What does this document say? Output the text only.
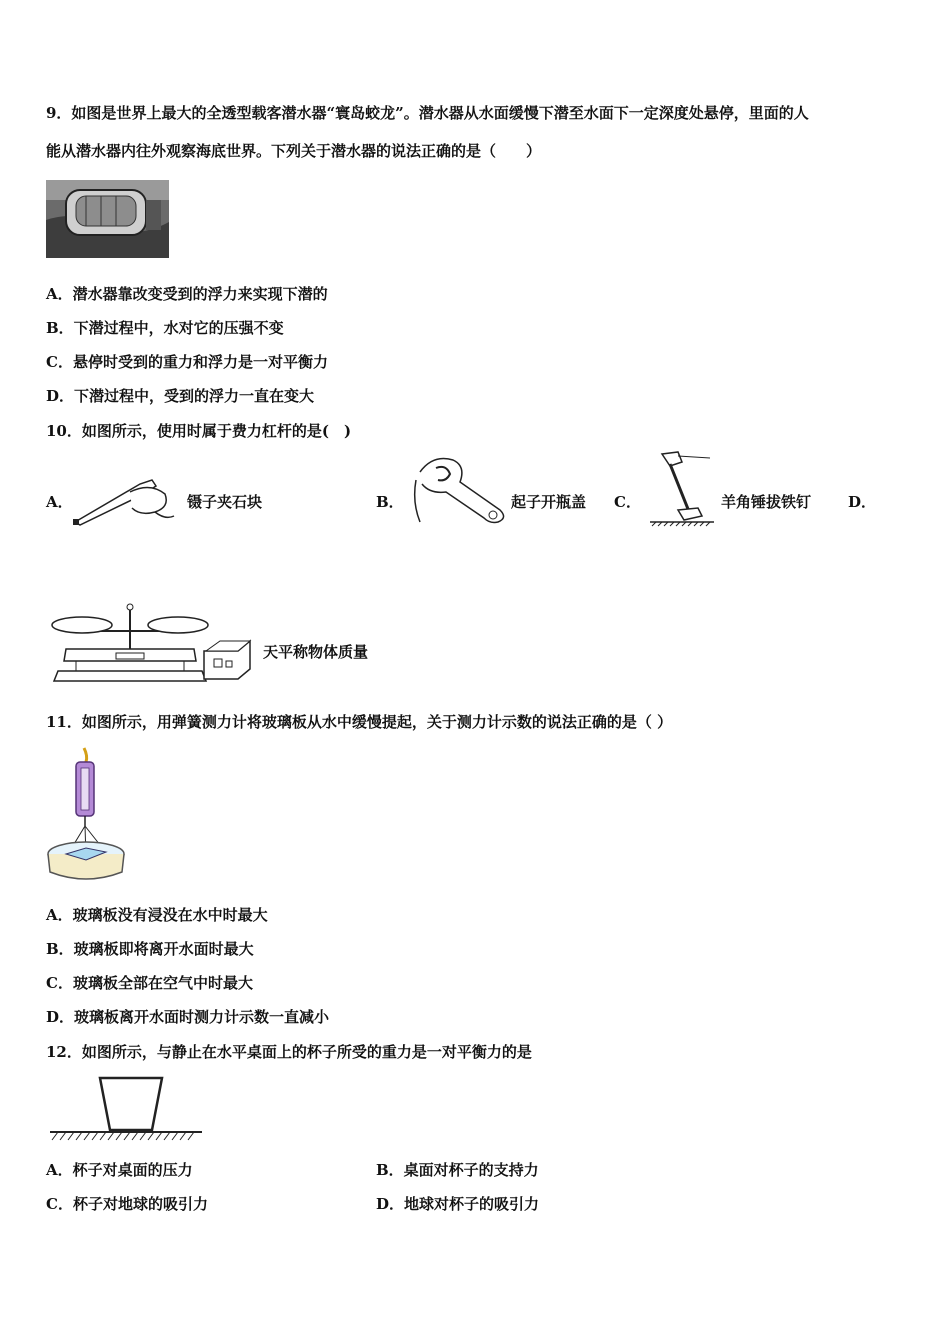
9．如图是世界上最大的全透型载客潜水器“寰岛蛟龙”。潜水器从水面缓慢下潜至水面下一定深度处悬停，里面的人
能从潜水器内往外观察海底世界。下列关于潜水器的说法正确的是（　　）
A．潜水器靠改变受到的浮力来实现下潜的
B．下潜过程中，水对它的压强不变
C．悬停时受到的重力和浮力是一对平衡力
D．下潜过程中，受到的浮力一直在变大
10．如图所示，使用时属于费力杠杆的是(　)
A．	镊子夹石块	B．	起子开瓶盖 C．	羊角锤拔铁钉 D．
天平称物体质量
11．如图所示，用弹簧测力计将玻璃板从水中缓慢提起，关于测力计示数的说法正确的是（ ）
A．玻璃板没有浸没在水中时最大
B．玻璃板即将离开水面时最大
C．玻璃板全部在空气中时最大
D．玻璃板离开水面时测力计示数一直减小
12．如图所示，与静止在水平桌面上的杯子所受的重力是一对平衡力的是
A．杯子对桌面的压力	B．桌面对杯子的支持力
C．杯子对地球的吸引力	D．地球对杯子的吸引力
